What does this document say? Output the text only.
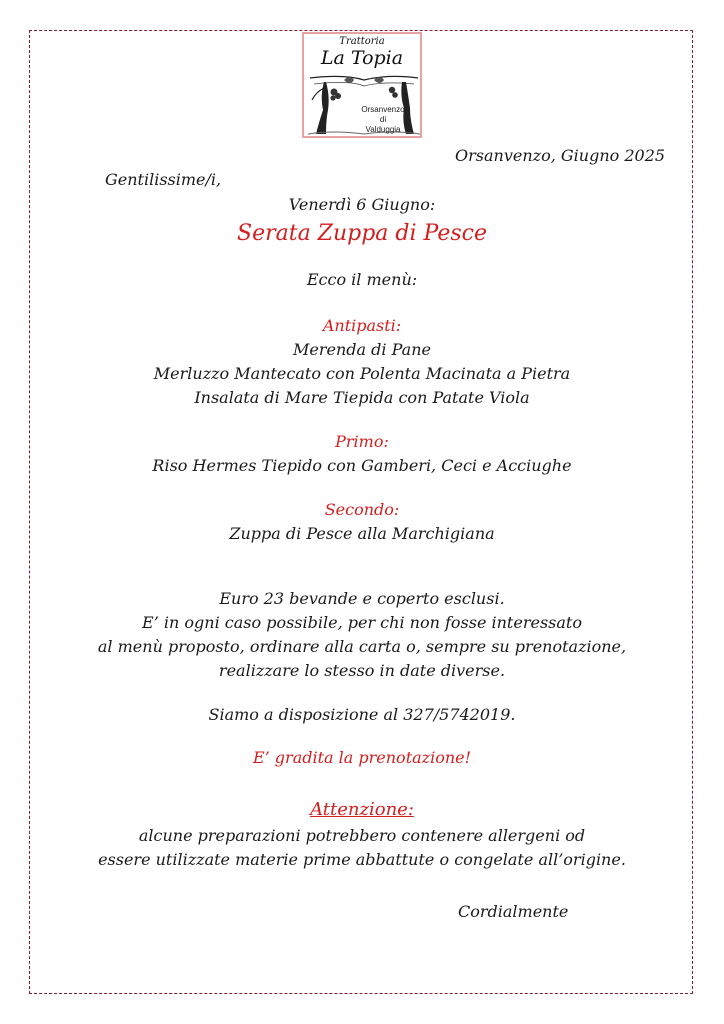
Trattoria
La Topia
Orsanvenzo
di
Valduggia
Orsanvenzo, Giugno 2025
Gentilissime/i,
Venerdì 6 Giugno:
Serata Zuppa di Pesce
Ecco il menù:
Antipasti:
Merenda di Pane
Merluzzo Mantecato con Polenta Macinata a Pietra
Insalata di Mare Tiepida con Patate Viola
Primo:
Riso Hermes Tiepido con Gamberi, Ceci e Acciughe
Secondo:
Zuppa di Pesce alla Marchigiana
Euro 23 bevande e coperto esclusi.
E’ in ogni caso possibile, per chi non fosse interessato
al menù proposto, ordinare alla carta o, sempre su prenotazione,
realizzare lo stesso in date diverse.
Siamo a disposizione al 327/5742019.
E’ gradita la prenotazione!
Attenzione:
alcune preparazioni potrebbero contenere allergeni od
essere utilizzate materie prime abbattute o congelate all’origine.
Cordialmente
